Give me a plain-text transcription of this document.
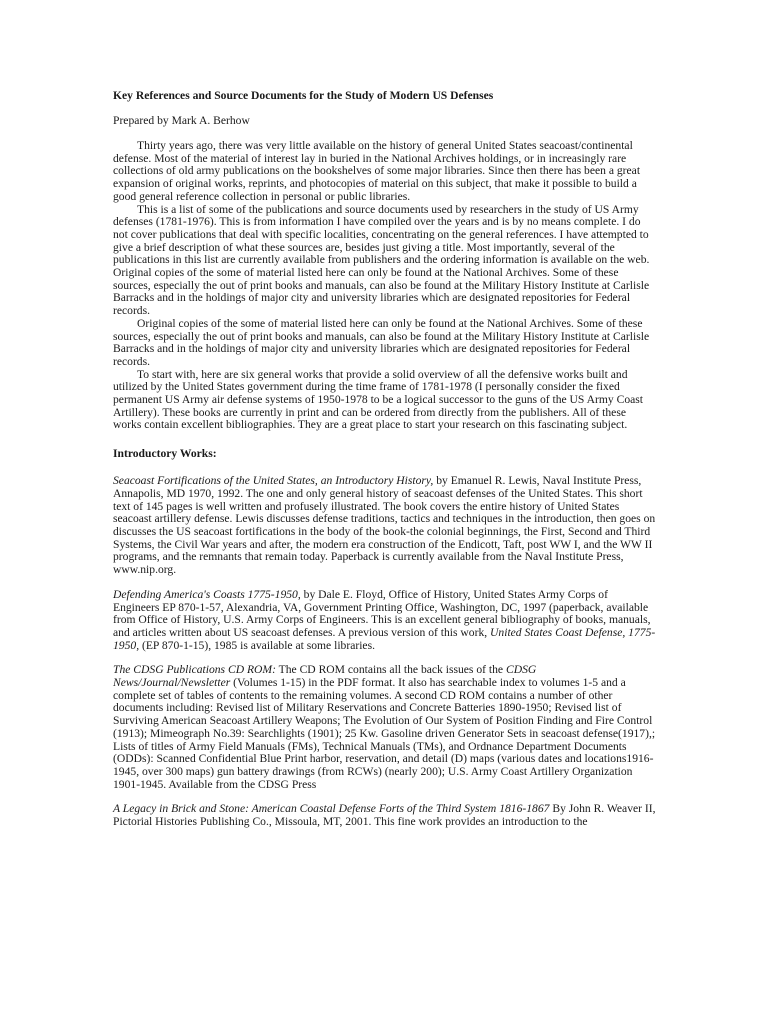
Key References and Source Documents for the Study of Modern US Defenses

Prepared by Mark A. Berhow

Thirty years ago, there was very little available on the history of general United States seacoast/continental defense. Most of the material of interest lay in buried in the National Archives holdings, or in increasingly rare collections of old army publications on the bookshelves of some major libraries. Since then there has been a great expansion of original works, reprints, and photocopies of material on this subject, that make it possible to build a good general reference collection in personal or public libraries.

This is a list of some of the publications and source documents used by researchers in the study of US Army defenses (1781-1976). This is from information I have compiled over the years and is by no means complete. I do not cover publications that deal with specific localities, concentrating on the general references. I have attempted to give a brief description of what these sources are, besides just giving a title. Most importantly, several of the publications in this list are currently available from publishers and the ordering information is available on the web. Original copies of the some of material listed here can only be found at the National Archives. Some of these sources, especially the out of print books and manuals, can also be found at the Military History Institute at Carlisle Barracks and in the holdings of major city and university libraries which are designated repositories for Federal records.

Original copies of the some of material listed here can only be found at the National Archives. Some of these sources, especially the out of print books and manuals, can also be found at the Military History Institute at Carlisle Barracks and in the holdings of major city and university libraries which are designated repositories for Federal records.

To start with, here are six general works that provide a solid overview of all the defensive works built and utilized by the United States government during the time frame of 1781-1978 (I personally consider the fixed permanent US Army air defense systems of 1950-1978 to be a logical successor to the guns of the US Army Coast Artillery). These books are currently in print and can be ordered from directly from the publishers. All of these works contain excellent bibliographies. They are a great place to start your research on this fascinating subject.

Introductory Works:

Seacoast Fortifications of the United States, an Introductory History, by Emanuel R. Lewis, Naval Institute Press, Annapolis, MD 1970, 1992. The one and only general history of seacoast defenses of the United States. This short text of 145 pages is well written and profusely illustrated. The book covers the entire history of United States seacoast artillery defense. Lewis discusses defense traditions, tactics and techniques in the introduction, then goes on discusses the US seacoast fortifications in the body of the book-the colonial beginnings, the First, Second and Third Systems, the Civil War years and after, the modern era construction of the Endicott, Taft, post WW I, and the WW II programs, and the remnants that remain today. Paperback is currently available from the Naval Institute Press, www.nip.org.

Defending America's Coasts 1775-1950, by Dale E. Floyd, Office of History, United States Army Corps of Engineers EP 870-1-57, Alexandria, VA, Government Printing Office, Washington, DC, 1997 (paperback, available from Office of History, U.S. Army Corps of Engineers. This is an excellent general bibliography of books, manuals, and articles written about US seacoast defenses. A previous version of this work, United States Coast Defense, 1775-1950, (EP 870-1-15), 1985 is available at some libraries.

The CDSG Publications CD ROM: The CD ROM contains all the back issues of the CDSG News/Journal/Newsletter (Volumes 1-15) in the PDF format. It also has searchable index to volumes 1-5 and a complete set of tables of contents to the remaining volumes. A second CD ROM contains a number of other documents including: Revised list of Military Reservations and Concrete Batteries 1890-1950; Revised list of Surviving American Seacoast Artillery Weapons; The Evolution of Our System of Position Finding and Fire Control (1913); Mimeograph No.39: Searchlights (1901); 25 Kw. Gasoline driven Generator Sets in seacoast defense(1917),; Lists of titles of Army Field Manuals (FMs), Technical Manuals (TMs), and Ordnance Department Documents (ODDs): Scanned Confidential Blue Print harbor, reservation, and detail (D) maps (various dates and locations1916-1945, over 300 maps) gun battery drawings (from RCWs) (nearly 200); U.S. Army Coast Artillery Organization 1901-1945. Available from the CDSG Press

A Legacy in Brick and Stone: American Coastal Defense Forts of the Third System 1816-1867 By John R. Weaver II, Pictorial Histories Publishing Co., Missoula, MT, 2001. This fine work provides an introduction to the
